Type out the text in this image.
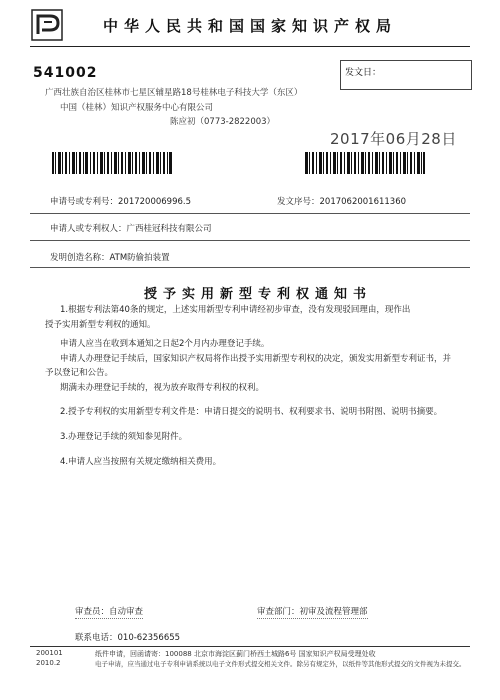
中华人民共和国国家知识产权局
541002
广西壮族自治区桂林市七星区辅星路18号桂林电子科技大学（东区）
中国（桂林）知识产权服务中心有限公司
陈应初（0773-2822003）
发文日：
2017年06月28日
申请号或专利号：201720006996.5	发文序号：2017062001611360
申请人或专利权人：广西桂冠科技有限公司
发明创造名称：ATM防偷拍装置
授予实用新型专利权通知书
1.根据专利法第40条的规定，上述实用新型专利申请经初步审查，没有发现驳回理由，现作出
授予实用新型专利权的通知。
申请人应当在收到本通知之日起2个月内办理登记手续。
申请人办理登记手续后，国家知识产权局将作出授予实用新型专利权的决定，颁发实用新型专利证书，并
予以登记和公告。
期满未办理登记手续的，视为放弃取得专利权的权利。
2.授予专利权的实用新型专利文件是：申请日提交的说明书、权利要求书、说明书附图、说明书摘要。
3.办理登记手续的须知参见附件。
4.申请人应当按照有关规定缴纳相关费用。
审查员：自动审查	审查部门：初审及流程管理部
联系电话：010-62356655
200101
2010.2
纸件申请，回函请寄：100088 北京市海淀区蓟门桥西土城路6号 国家知识产权局受理处收
电子申请，应当通过电子专利申请系统以电子文件形式提交相关文件。除另有规定外，以纸件等其他形式提交的文件视为未提交。
